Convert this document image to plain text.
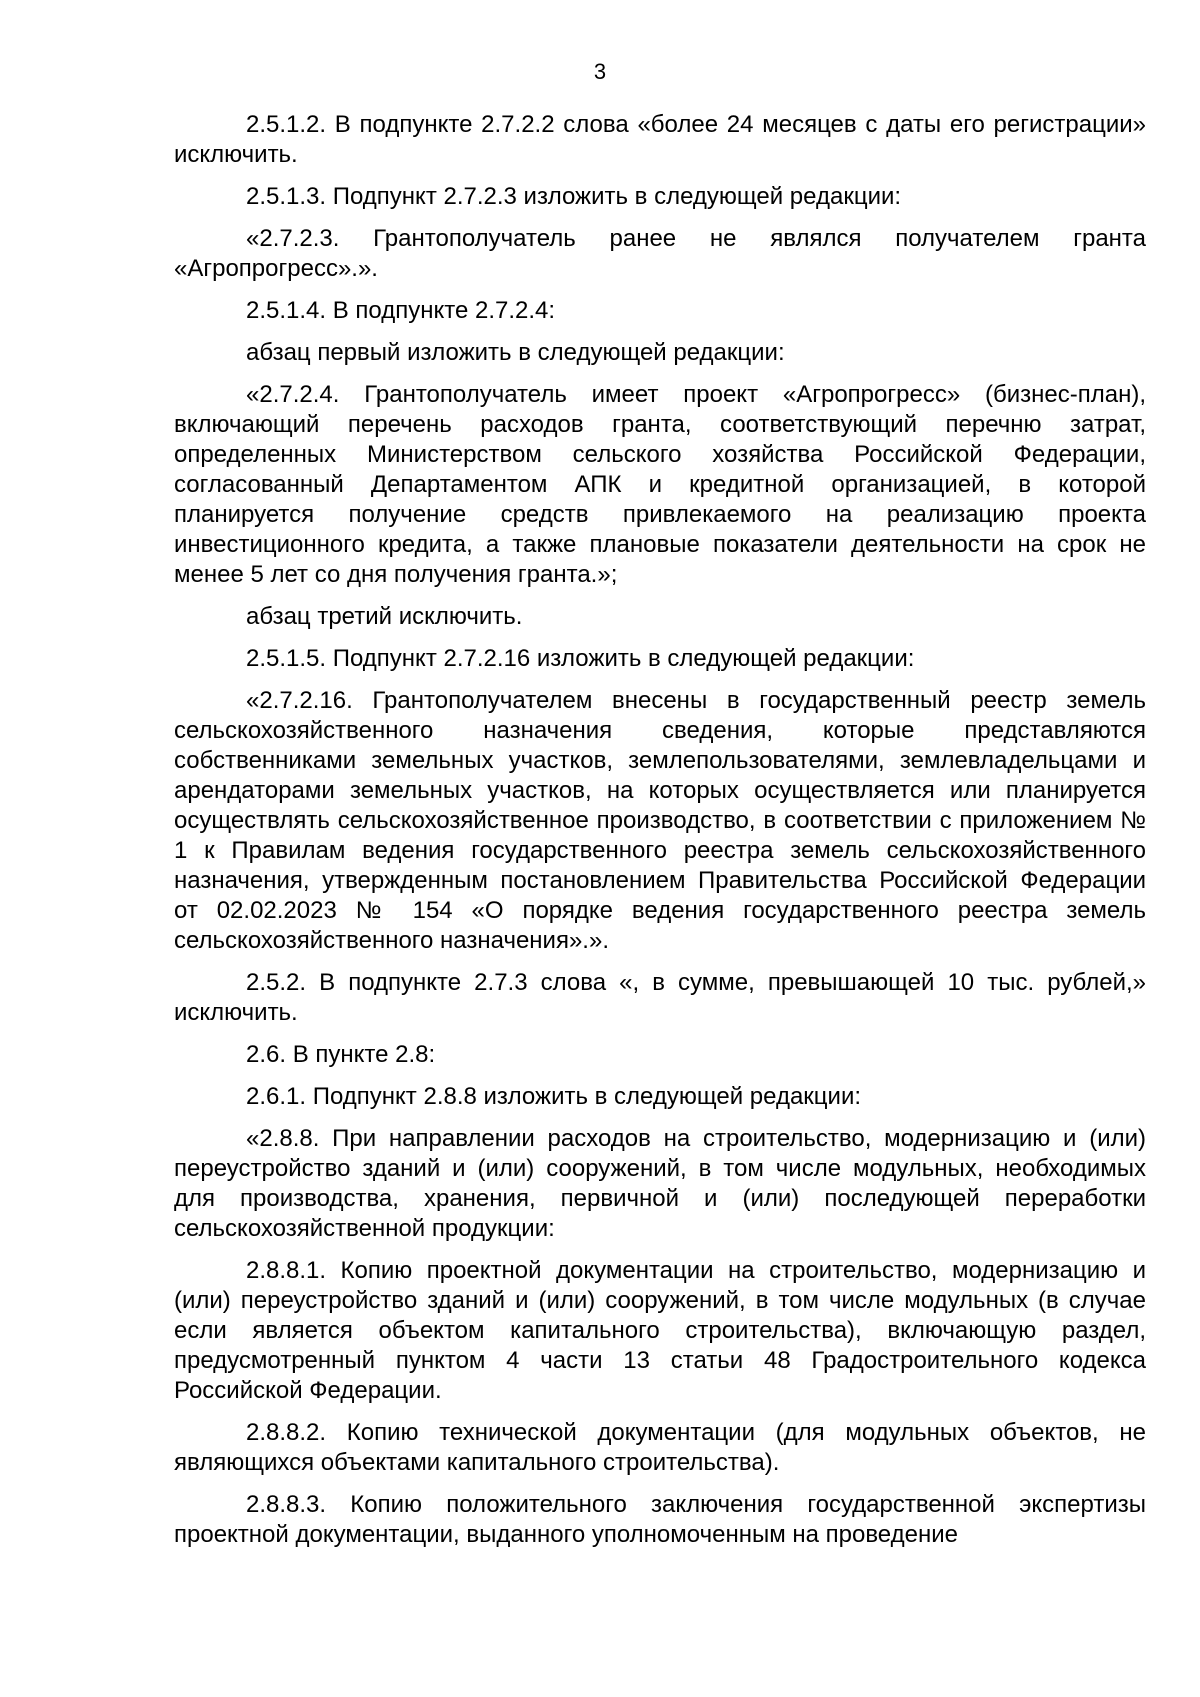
3

2.5.1.2. В подпункте 2.7.2.2 слова «более 24 месяцев с даты его регистрации» исключить.

2.5.1.3. Подпункт 2.7.2.3 изложить в следующей редакции:

«2.7.2.3. Грантополучатель ранее не являлся получателем гранта «Агропрогресс».».

2.5.1.4. В подпункте 2.7.2.4:

абзац первый изложить в следующей редакции:

«2.7.2.4. Грантополучатель имеет проект «Агропрогресс» (бизнес-план), включающий перечень расходов гранта, соответствующий перечню затрат, определенных Министерством сельского хозяйства Российской Федерации, согласованный Департаментом АПК и кредитной организацией, в которой планируется получение средств привлекаемого на реализацию проекта инвестиционного кредита, а также плановые показатели деятельности на срок не менее 5 лет со дня получения гранта.»;

абзац третий исключить.

2.5.1.5. Подпункт 2.7.2.16 изложить в следующей редакции:

«2.7.2.16. Грантополучателем внесены в государственный реестр земель сельскохозяйственного назначения сведения, которые представляются собственниками земельных участков, землепользователями, землевладельцами и арендаторами земельных участков, на которых осуществляется или планируется осуществлять сельскохозяйственное производство, в соответствии с приложением № 1 к Правилам ведения государственного реестра земель сельскохозяйственного назначения, утвержденным постановлением Правительства Российской Федерации от 02.02.2023 № 154 «О порядке ведения государственного реестра земель сельскохозяйственного назначения».».

2.5.2. В подпункте 2.7.3 слова «, в сумме, превышающей 10 тыс. рублей,» исключить.

2.6. В пункте 2.8:

2.6.1. Подпункт 2.8.8 изложить в следующей редакции:

«2.8.8. При направлении расходов на строительство, модернизацию и (или) переустройство зданий и (или) сооружений, в том числе модульных, необходимых для производства, хранения, первичной и (или) последующей переработки сельскохозяйственной продукции:

2.8.8.1. Копию проектной документации на строительство, модернизацию и (или) переустройство зданий и (или) сооружений, в том числе модульных (в случае если является объектом капитального строительства), включающую раздел, предусмотренный пунктом 4 части 13 статьи 48 Градостроительного кодекса Российской Федерации.

2.8.8.2. Копию технической документации (для модульных объектов, не являющихся объектами капитального строительства).

2.8.8.3. Копию положительного заключения государственной экспертизы проектной документации, выданного уполномоченным на проведение
